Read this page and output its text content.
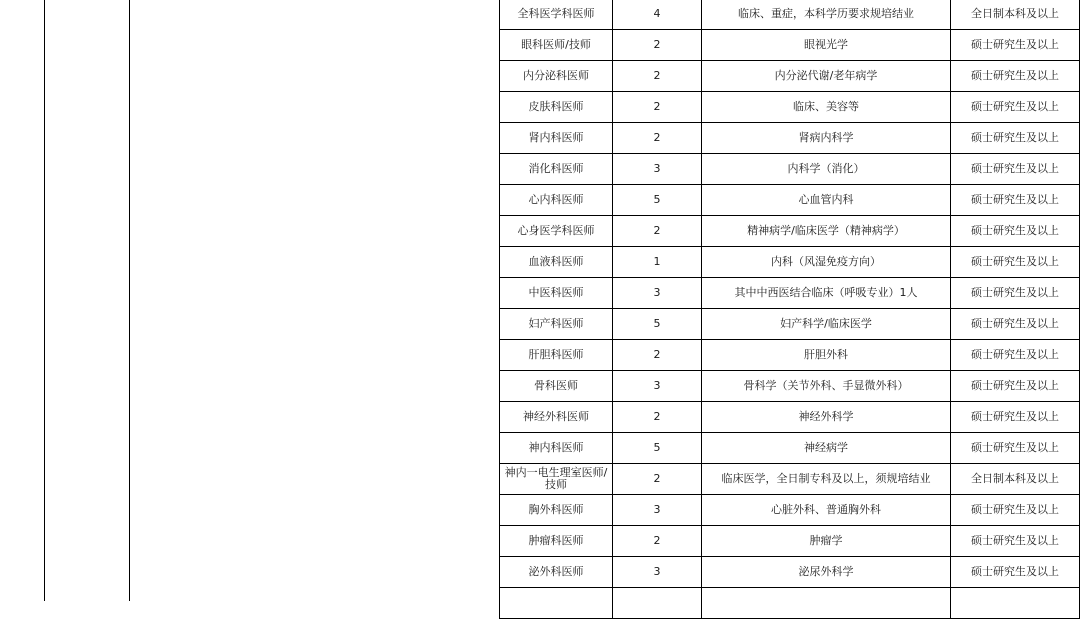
全科医学科医师	4	临床、重症，本科学历要求规培结业	全日制本科及以上
眼科医师/技师	2	眼视光学	硕士研究生及以上
内分泌科医师	2	内分泌代谢/老年病学	硕士研究生及以上
皮肤科医师	2	临床、美容等	硕士研究生及以上
肾内科医师	2	肾病内科学	硕士研究生及以上
消化科医师	3	内科学（消化）	硕士研究生及以上
心内科医师	5	心血管内科	硕士研究生及以上
心身医学科医师	2	精神病学/临床医学（精神病学）	硕士研究生及以上
血液科医师	1	内科（风湿免疫方向）	硕士研究生及以上
中医科医师	3	其中中西医结合临床（呼吸专业）1人	硕士研究生及以上
妇产科医师	5	妇产科学/临床医学	硕士研究生及以上
肝胆科医师	2	肝胆外科	硕士研究生及以上
骨科医师	3	骨科学（关节外科、手显微外科）	硕士研究生及以上
神经外科医师	2	神经外科学	硕士研究生及以上
神内科医师	5	神经病学	硕士研究生及以上
神内一电生理室医师/技师	2	临床医学，全日制专科及以上，须规培结业	全日制本科及以上
胸外科医师	3	心脏外科、普通胸外科	硕士研究生及以上
肿瘤科医师	2	肿瘤学	硕士研究生及以上
泌外科医师	3	泌尿外科学	硕士研究生及以上
